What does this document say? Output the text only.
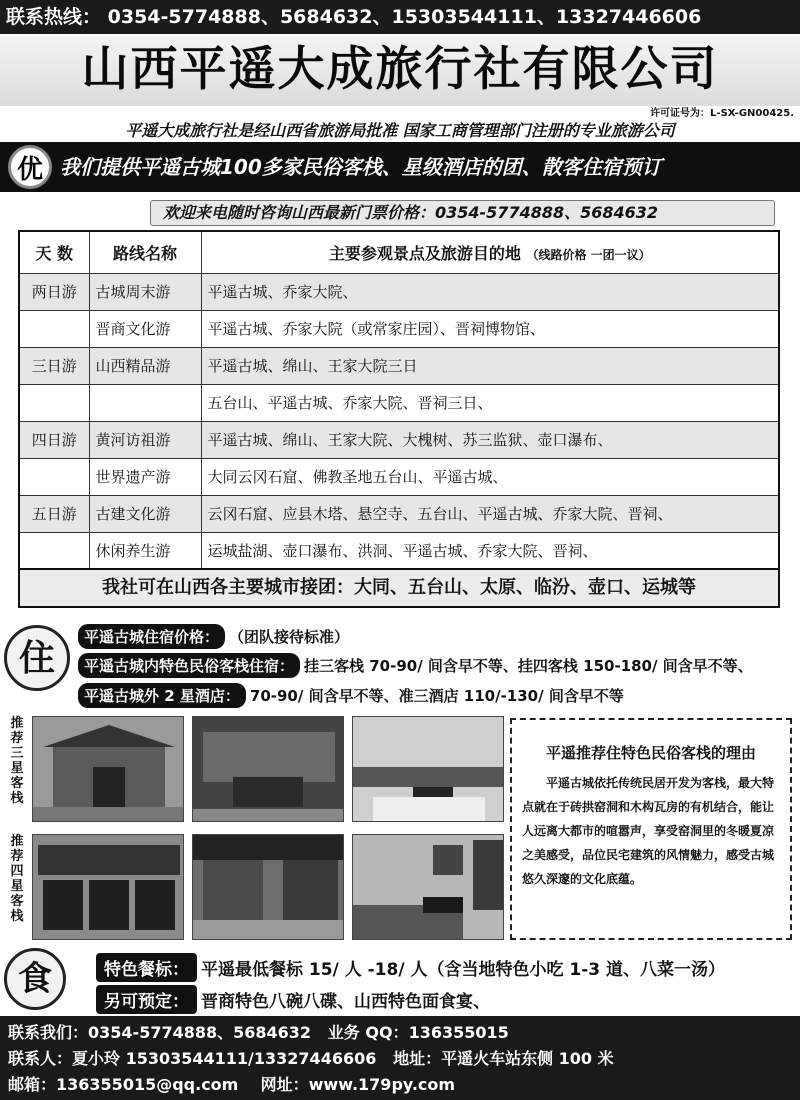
联系热线： 0354-5774888、5684632、15303544111、13327446606
山西平遥大成旅行社有限公司
许可证号为：L-SX-GN00425.
平遥大成旅行社是经山西省旅游局批准 国家工商管理部门注册的专业旅游公司
优 我们提供平遥古城100多家民俗客栈、星级酒店的团、散客住宿预订
欢迎来电随时咨询山西最新门票价格：0354-5774888、5684632
天 数	路线名称	主要参观景点及旅游目的地 （线路价格 一团一议）
两日游	古城周末游	平遥古城、乔家大院、
	晋商文化游	平遥古城、乔家大院（或常家庄园）、晋祠博物馆、
三日游	山西精品游	平遥古城、绵山、王家大院三日
		五台山、平遥古城、乔家大院、晋祠三日、
四日游	黄河访祖游	平遥古城、绵山、王家大院、大槐树、苏三监狱、壶口瀑布、
	世界遗产游	大同云冈石窟、佛教圣地五台山、平遥古城、
五日游	古建文化游	云冈石窟、应县木塔、悬空寺、五台山、平遥古城、乔家大院、晋祠、
	休闲养生游	运城盐湖、壶口瀑布、洪洞、平遥古城、乔家大院、晋祠、
我社可在山西各主要城市接团：大同、五台山、太原、临汾、壶口、运城等
住	平遥古城住宿价格： （团队接待标准）
平遥古城内特色民俗客栈住宿： 挂三客栈 70-90/ 间含早不等、挂四客栈 150-180/ 间含早不等、
平遥古城外 2 星酒店： 70-90/ 间含早不等、准三酒店 110/-130/ 间含早不等
推荐三星客栈
推荐四星客栈
平遥推荐住特色民俗客栈的理由

平遥古城依托传统民居开发为客栈，最大特点就在于砖拱窑洞和木构瓦房的有机结合，能让人远离大都市的喧嚣声，享受窑洞里的冬暖夏凉之美感受，品位民宅建筑的风情魅力，感受古城悠久深邃的文化底蕴。

食	特色餐标： 平遥最低餐标 15/ 人 -18/ 人（含当地特色小吃 1-3 道、八菜一汤）
另可预定： 晋商特色八碗八碟、山西特色面食宴、
联系我们：0354-5774888、5684632 业务 QQ：136355015
联系人：夏小玲 15303544111/13327446606 地址：平遥火车站东侧 100 米
邮箱：136355015@qq.com 网址：www.179py.com
